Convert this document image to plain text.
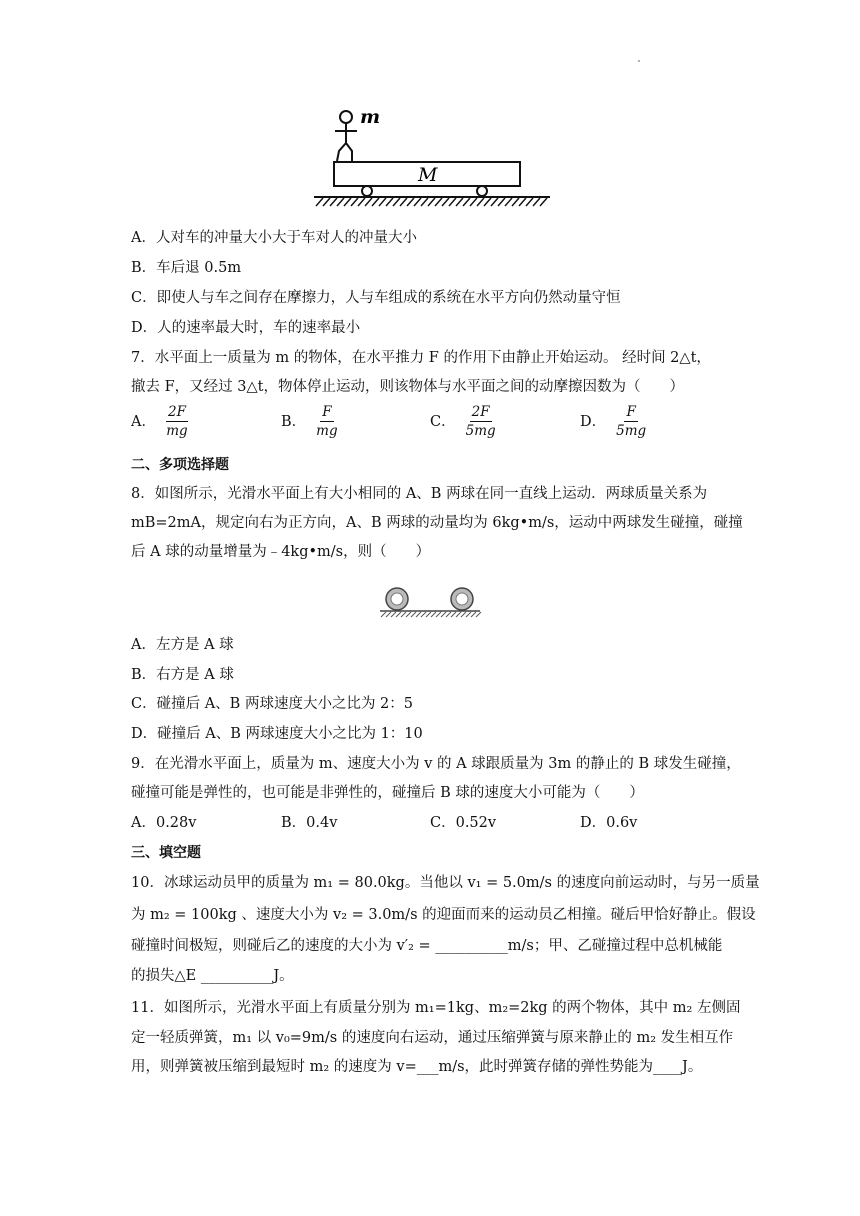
m
M
A．人对车的冲量大小大于车对人的冲量大小
B．车后退 0.5m
C．即使人与车之间存在摩擦力，人与车组成的系统在水平方向仍然动量守恒
D．人的速率最大时，车的速率最小
7．水平面上一质量为 m 的物体，在水平推力 F 的作用下由静止开始运动。 经时间 2△t，
撤去 F，又经过 3△t，物体停止运动，则该物体与水平面之间的动摩擦因数为（　　）
A． $\frac{2F}{mg}$	B． $\frac{F}{mg}$	C． $\frac{2F}{5mg}$	D． $\frac{F}{5mg}$
二、多项选择题
8．如图所示，光滑水平面上有大小相同的 A、B 两球在同一直线上运动．两球质量关系为
mB=2mA，规定向右为正方向，A、B 两球的动量均为 6kg•m/s，运动中两球发生碰撞，碰撞
后 A 球的动量增量为﹣4kg•m/s，则（　　）
A．左方是 A 球
B．右方是 A 球
C．碰撞后 A、B 两球速度大小之比为 2：5
D．碰撞后 A、B 两球速度大小之比为 1：10
9．在光滑水平面上，质量为 m、速度大小为 v 的 A 球跟质量为 3m 的静止的 B 球发生碰撞，
碰撞可能是弹性的，也可能是非弹性的，碰撞后 B 球的速度大小可能为（　　）
A．0.28v	B．0.4v	C．0.52v	D．0.6v
三、填空题
10．冰球运动员甲的质量为 m₁ = 80.0kg。当他以 v₁ = 5.0m/s 的速度向前运动时，与另一质量
为 m₂ = 100kg 、速度大小为 v₂ = 3.0m/s 的迎面而来的运动员乙相撞。碰后甲恰好静止。假设
碰撞时间极短，则碰后乙的速度的大小为 v′₂ = __________m/s；甲、乙碰撞过程中总机械能
的损失△E __________J。
11．如图所示，光滑水平面上有质量分别为 m₁=1kg、m₂=2kg 的两个物体，其中 m₂ 左侧固
定一轻质弹簧，m₁ 以 v₀=9m/s 的速度向右运动，通过压缩弹簧与原来静止的 m₂ 发生相互作
用，则弹簧被压缩到最短时 m₂ 的速度为 v=___m/s，此时弹簧存储的弹性势能为____J。
